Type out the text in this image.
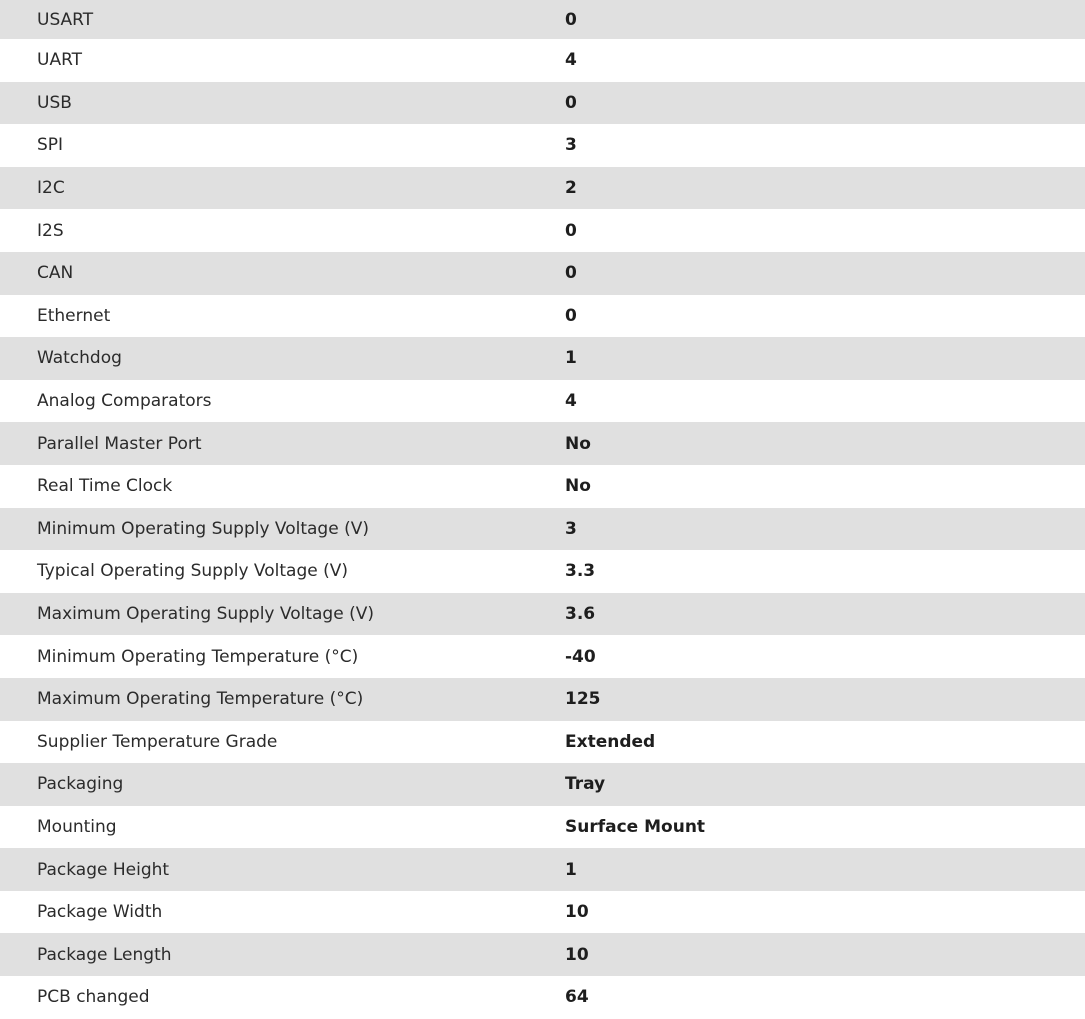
USART	0
UART	4
USB	0
SPI	3
I2C	2
I2S	0
CAN	0
Ethernet	0
Watchdog	1
Analog Comparators	4
Parallel Master Port	No
Real Time Clock	No
Minimum Operating Supply Voltage (V)	3
Typical Operating Supply Voltage (V)	3.3
Maximum Operating Supply Voltage (V)	3.6
Minimum Operating Temperature (°C)	-40
Maximum Operating Temperature (°C)	125
Supplier Temperature Grade	Extended
Packaging	Tray
Mounting	Surface Mount
Package Height	1
Package Width	10
Package Length	10
PCB changed	64
